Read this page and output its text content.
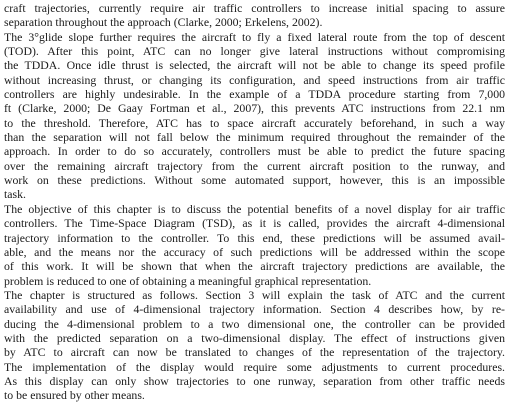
craft trajectories, currently require air traffic controllers to increase initial spacing to assure
separation throughout the approach (Clarke, 2000; Erkelens, 2002).
The 3°glide slope further requires the aircraft to fly a fixed lateral route from the top of descent
(TOD). After this point, ATC can no longer give lateral instructions without compromising
the TDDA. Once idle thrust is selected, the aircraft will not be able to change its speed profile
without increasing thrust, or changing its configuration, and speed instructions from air traffic
controllers are highly undesirable. In the example of a TDDA procedure starting from 7,000
ft (Clarke, 2000; De Gaay Fortman et al., 2007), this prevents ATC instructions from 22.1 nm
to the threshold. Therefore, ATC has to space aircraft accurately beforehand, in such a way
than the separation will not fall below the minimum required throughout the remainder of the
approach. In order to do so accurately, controllers must be able to predict the future spacing
over the remaining aircraft trajectory from the current aircraft position to the runway, and
work on these predictions. Without some automated support, however, this is an impossible
task.
The objective of this chapter is to discuss the potential benefits of a novel display for air traffic
controllers. The Time-Space Diagram (TSD), as it is called, provides the aircraft 4-dimensional
trajectory information to the controller. To this end, these predictions will be assumed avail-
able, and the means nor the accuracy of such predictions will be addressed within the scope
of this work. It will be shown that when the aircraft trajectory predictions are available, the
problem is reduced to one of obtaining a meaningful graphical representation.
The chapter is structured as follows. Section 3 will explain the task of ATC and the current
availability and use of 4-dimensional trajectory information. Section 4 describes how, by re-
ducing the 4-dimensional problem to a two dimensional one, the controller can be provided
with the predicted separation on a two-dimensional display. The effect of instructions given
by ATC to aircraft can now be translated to changes of the representation of the trajectory.
The implementation of the display would require some adjustments to current procedures.
As this display can only show trajectories to one runway, separation from other traffic needs
to be ensured by other means.
